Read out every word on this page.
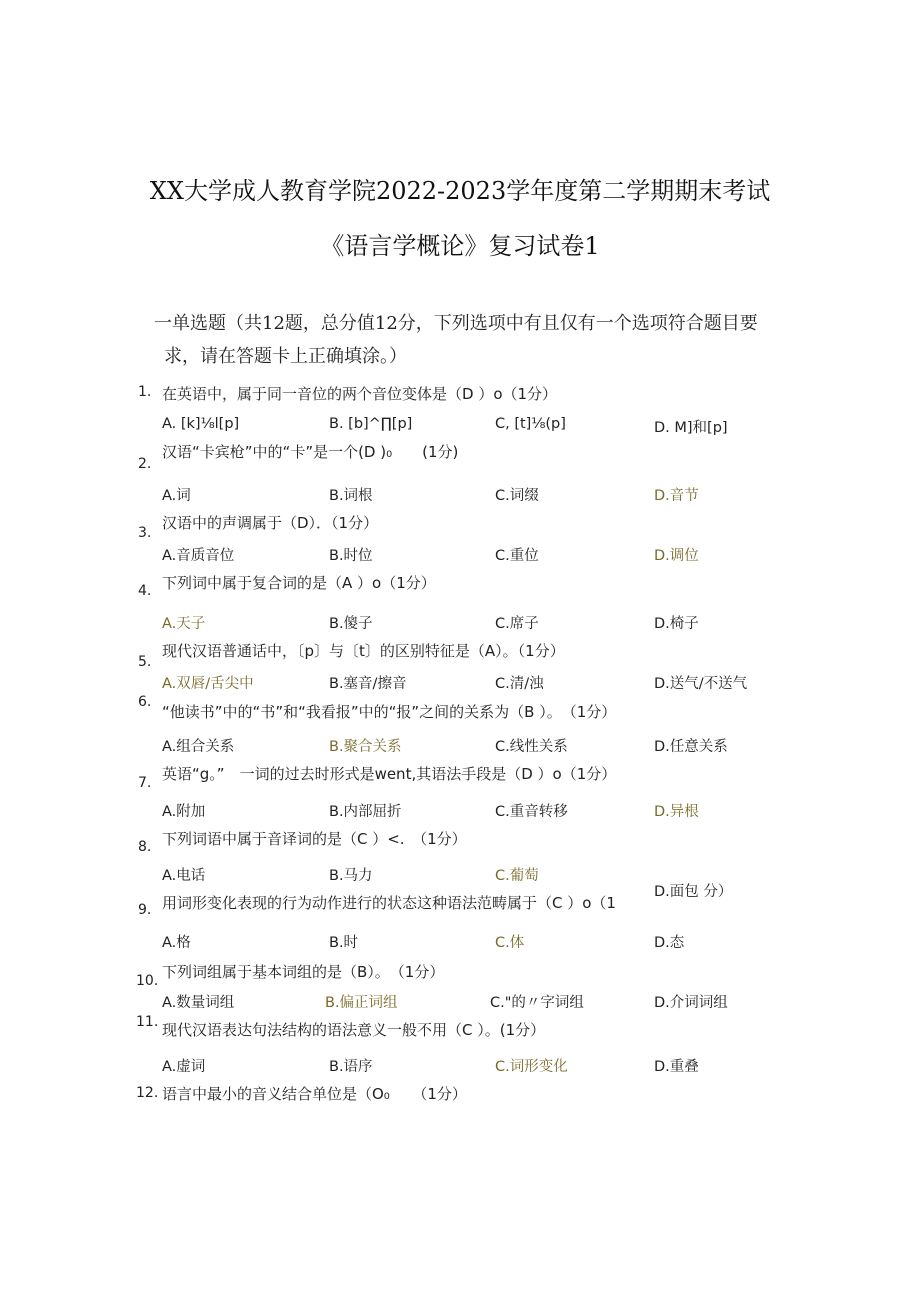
XX大学成人教育学院2022-2023学年度第二学期期末考试
《语言学概论》复习试卷1
一单选题（共12题，总分值12分，下列选项中有且仅有一个选项符合题目要
求，请在答题卡上正确填涂。）
1. 在英语中，属于同一音位的两个音位变体是（D ）o（1分）
A. [k]⅛l[p]	B. [b]^∏[p]	C, [t]⅛(p]	D. M]和[p]
2.
汉语“卡宾枪”中的“卡”是一个(D )₀　　(1分)
A.词	B.词根	C.词缀	D.音节
3.
汉语中的声调属于（D）．（1分）
A.音质音位	B.时位	C.重位	D.调位
4. 下列词中属于复合词的是（A ）o（1分）
A.天子	B.傻子	C.席子	D.椅子
5.
现代汉语普通话中，〔p〕与〔t〕的区别特征是（A）。（1分）
A.双唇/舌尖中	B.塞音/擦音	C.清/浊	D.送气/不送气
6.
“他读书”中的“书”和“我看报”中的“报”之间的关系为（B ）。　（1分）
A.组合关系	B.聚合关系	C.线性关系	D.任意关系
7. 英语“g。”　一词的过去时形式是went,其语法手段是（D ）o（1分）
A.附加	B.内部屈折	C.重音转移	D.异根
8. 下列词语中属于音译词的是（C ）<.　（1分）
A.电话	B.马力	C.葡萄
D.面包 分）
9. 用词形变化表现的行为动作进行的状态这种语法范畴属于（C ）o（1
A.格	B.时	C.体	D.态
10. 下列词组属于基本词组的是（B）。　（1分）
A.数量词组	B.偏正词组	C."的〃字词组	D.介词词组
11. 现代汉语表达句法结构的语法意义一般不用（C ）。(1分）
A.虚词	B.语序	C.词形变化	D.重叠
12. 语言中最小的音义结合单位是（O₀　　（1分）
